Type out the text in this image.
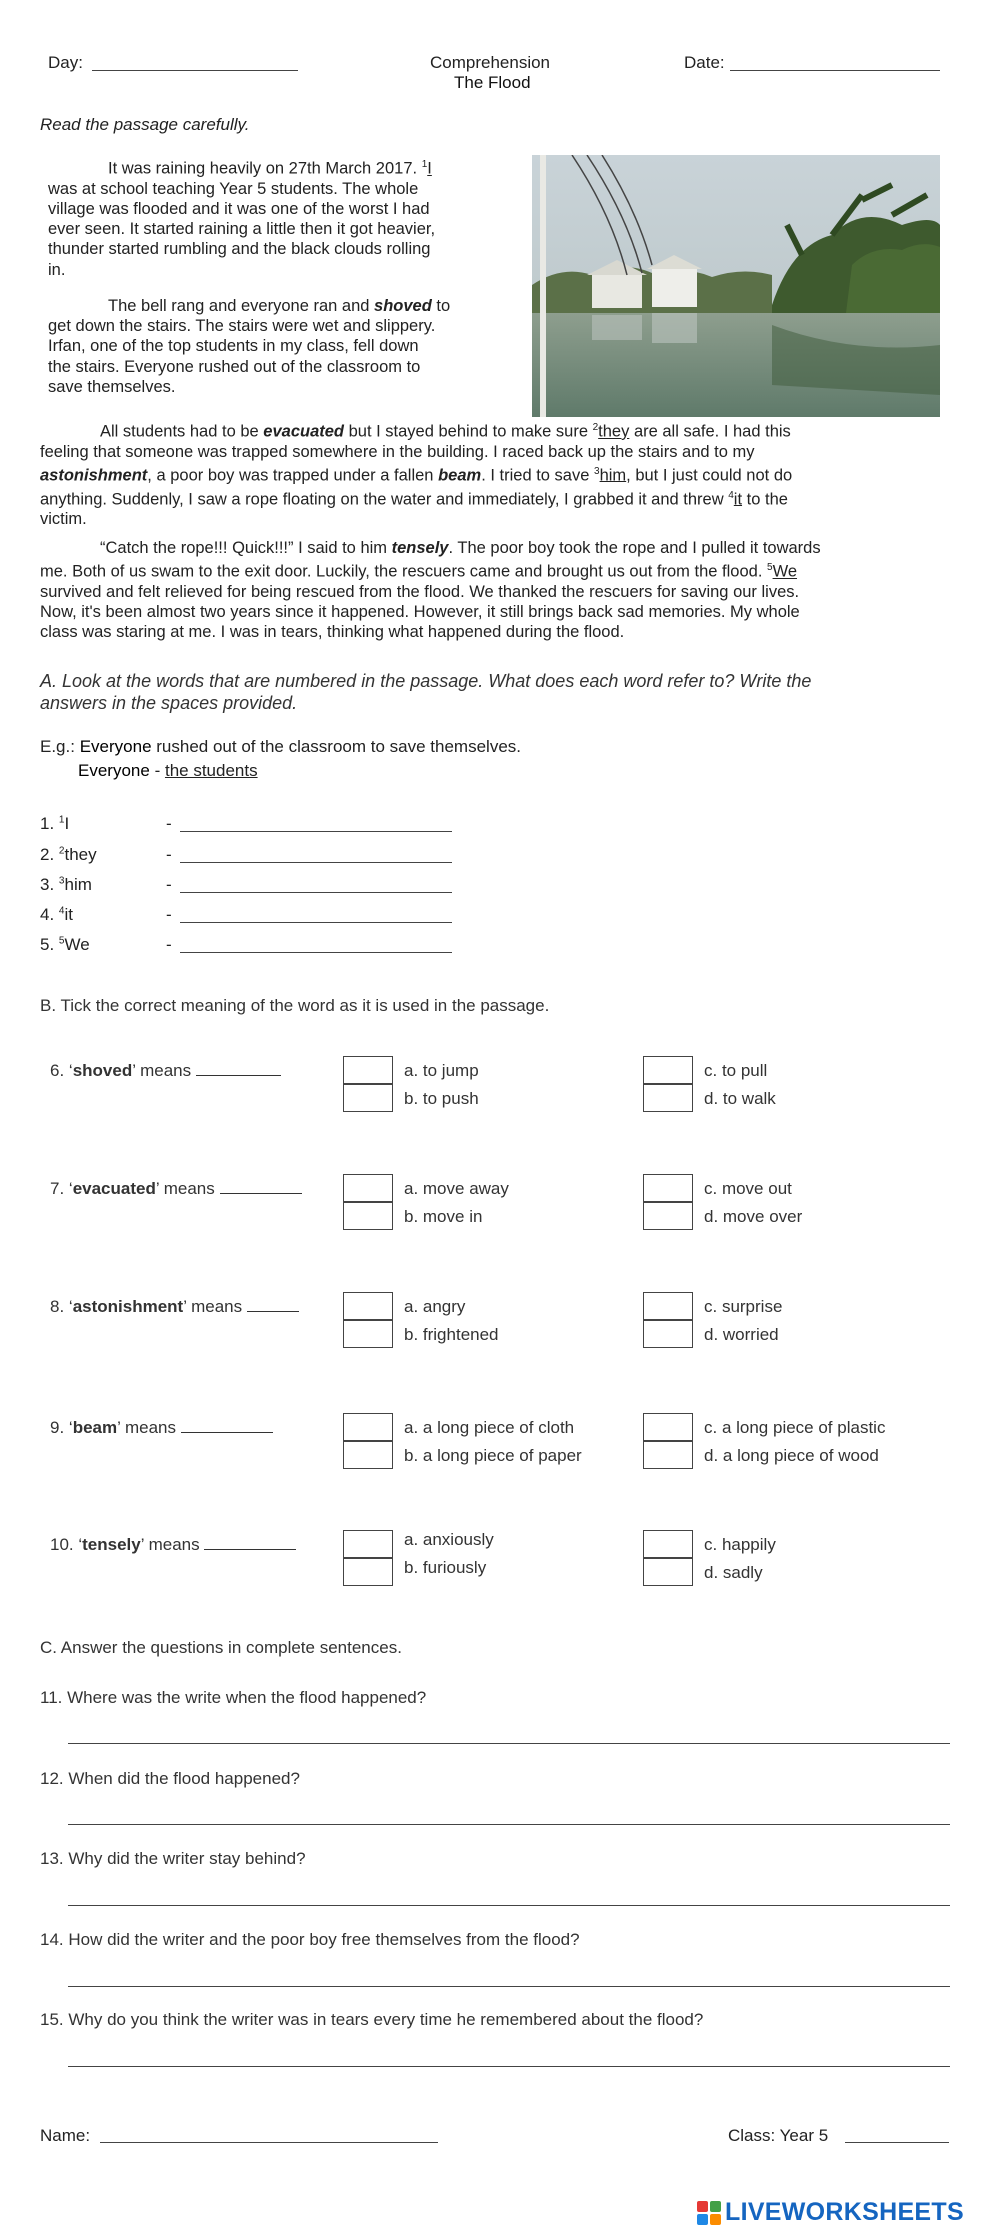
Day:	Comprehension
The Flood
Date:
Read the passage carefully.
It was raining heavily on 27th March 2017. $^1$I
was at school teaching Year 5 students. The whole
village was flooded and it was one of the worst I had
ever seen. It started raining a little then it got heavier,
thunder started rumbling and the black clouds rolling
in.
The bell rang and everyone ran and shoved to
get down the stairs. The stairs were wet and slippery.
Irfan, one of the top students in my class, fell down
the stairs. Everyone rushed out of the classroom to
save themselves.
All students had to be evacuated but I stayed behind to make sure $^2$they are all safe. I had this
feeling that someone was trapped somewhere in the building. I raced back up the stairs and to my
astonishment, a poor boy was trapped under a fallen beam. I tried to save $^3$him, but I just could not do
anything. Suddenly, I saw a rope floating on the water and immediately, I grabbed it and threw $^4$it to the
victim.
“Catch the rope!!! Quick!!!” I said to him tensely. The poor boy took the rope and I pulled it towards
me. Both of us swam to the exit door. Luckily, the rescuers came and brought us out from the flood. $^5$We
survived and felt relieved for being rescued from the flood. We thanked the rescuers for saving our lives.
Now, it's been almost two years since it happened. However, it still brings back sad memories. My whole
class was staring at me. I was in tears, thinking what happened during the flood.
A. Look at the words that are numbered in the passage. What does each word refer to? Write the
answers in the spaces provided.
E.g.: Everyone rushed out of the classroom to save themselves.
Everyone - the students
1. $^1$I	-
2. $^2$they	-
3. $^3$him	-
4. $^4$it	-
5. $^5$We	-
B. Tick the correct meaning of the word as it is used in the passage.
6. ‘shoved’ means	a. to jump
b. to push
c. to pull
d. to walk
7. ‘evacuated’ means	a. move away
b. move in
c. move out
d. move over
8. ‘astonishment’ means	a. angry
b. frightened
c. surprise
d. worried
9. ‘beam’ means	a. a long piece of cloth
b. a long piece of paper
c. a long piece of plastic
d. a long piece of wood
10. ‘tensely’ means	a. anxiously
b. furiously
c. happily
d. sadly
C. Answer the questions in complete sentences.
11. Where was the write when the flood happened?
12. When did the flood happened?
13. Why did the writer stay behind?
14. How did the writer and the poor boy free themselves from the flood?
15. Why do you think the writer was in tears every time he remembered about the flood?
Name:	Class: Year 5
LIVEWORKSHEETS
